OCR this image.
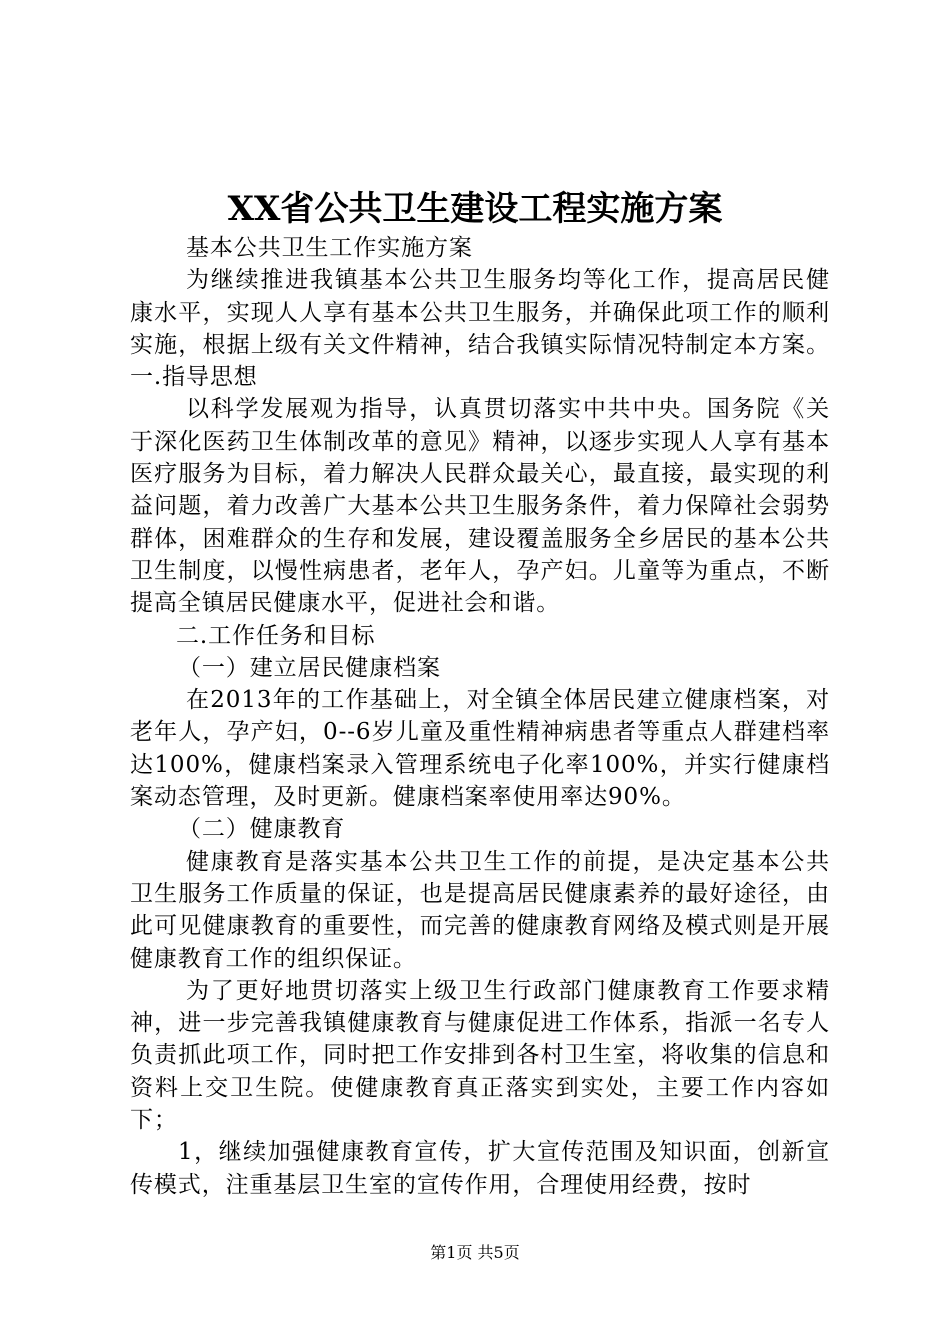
XX省公共卫生建设工程实施方案

基本公共卫生工作实施方案

为继续推进我镇基本公共卫生服务均等化工作，提高居民健康水平，实现人人享有基本公共卫生服务，并确保此项工作的顺利实施，根据上级有关文件精神，结合我镇实际情况特制定本方案。一.指导思想

以科学发展观为指导，认真贯切落实中共中央。国务院《关于深化医药卫生体制改革的意见》精神，以逐步实现人人享有基本医疗服务为目标，着力解决人民群众最关心，最直接，最实现的利益问题，着力改善广大基本公共卫生服务条件，着力保障社会弱势群体，困难群众的生存和发展，建设覆盖服务全乡居民的基本公共卫生制度，以慢性病患者，老年人，孕产妇。儿童等为重点，不断提高全镇居民健康水平，促进社会和谐。

二.工作任务和目标

（一）建立居民健康档案

在2013年的工作基础上，对全镇全体居民建立健康档案，对老年人，孕产妇，0--6岁儿童及重性精神病患者等重点人群建档率达100%，健康档案录入管理系统电子化率100%，并实行健康档案动态管理，及时更新。健康档案率使用率达90%。

（二）健康教育

健康教育是落实基本公共卫生工作的前提，是决定基本公共卫生服务工作质量的保证，也是提高居民健康素养的最好途径，由此可见健康教育的重要性，而完善的健康教育网络及模式则是开展健康教育工作的组织保证。

为了更好地贯切落实上级卫生行政部门健康教育工作要求精神，进一步完善我镇健康教育与健康促进工作体系，指派一名专人负责抓此项工作，同时把工作安排到各村卫生室，将收集的信息和资料上交卫生院。使健康教育真正落实到实处，主要工作内容如下；

1，继续加强健康教育宣传，扩大宣传范围及知识面，创新宣传模式，注重基层卫生室的宣传作用，合理使用经费，按时

第1页 共5页
